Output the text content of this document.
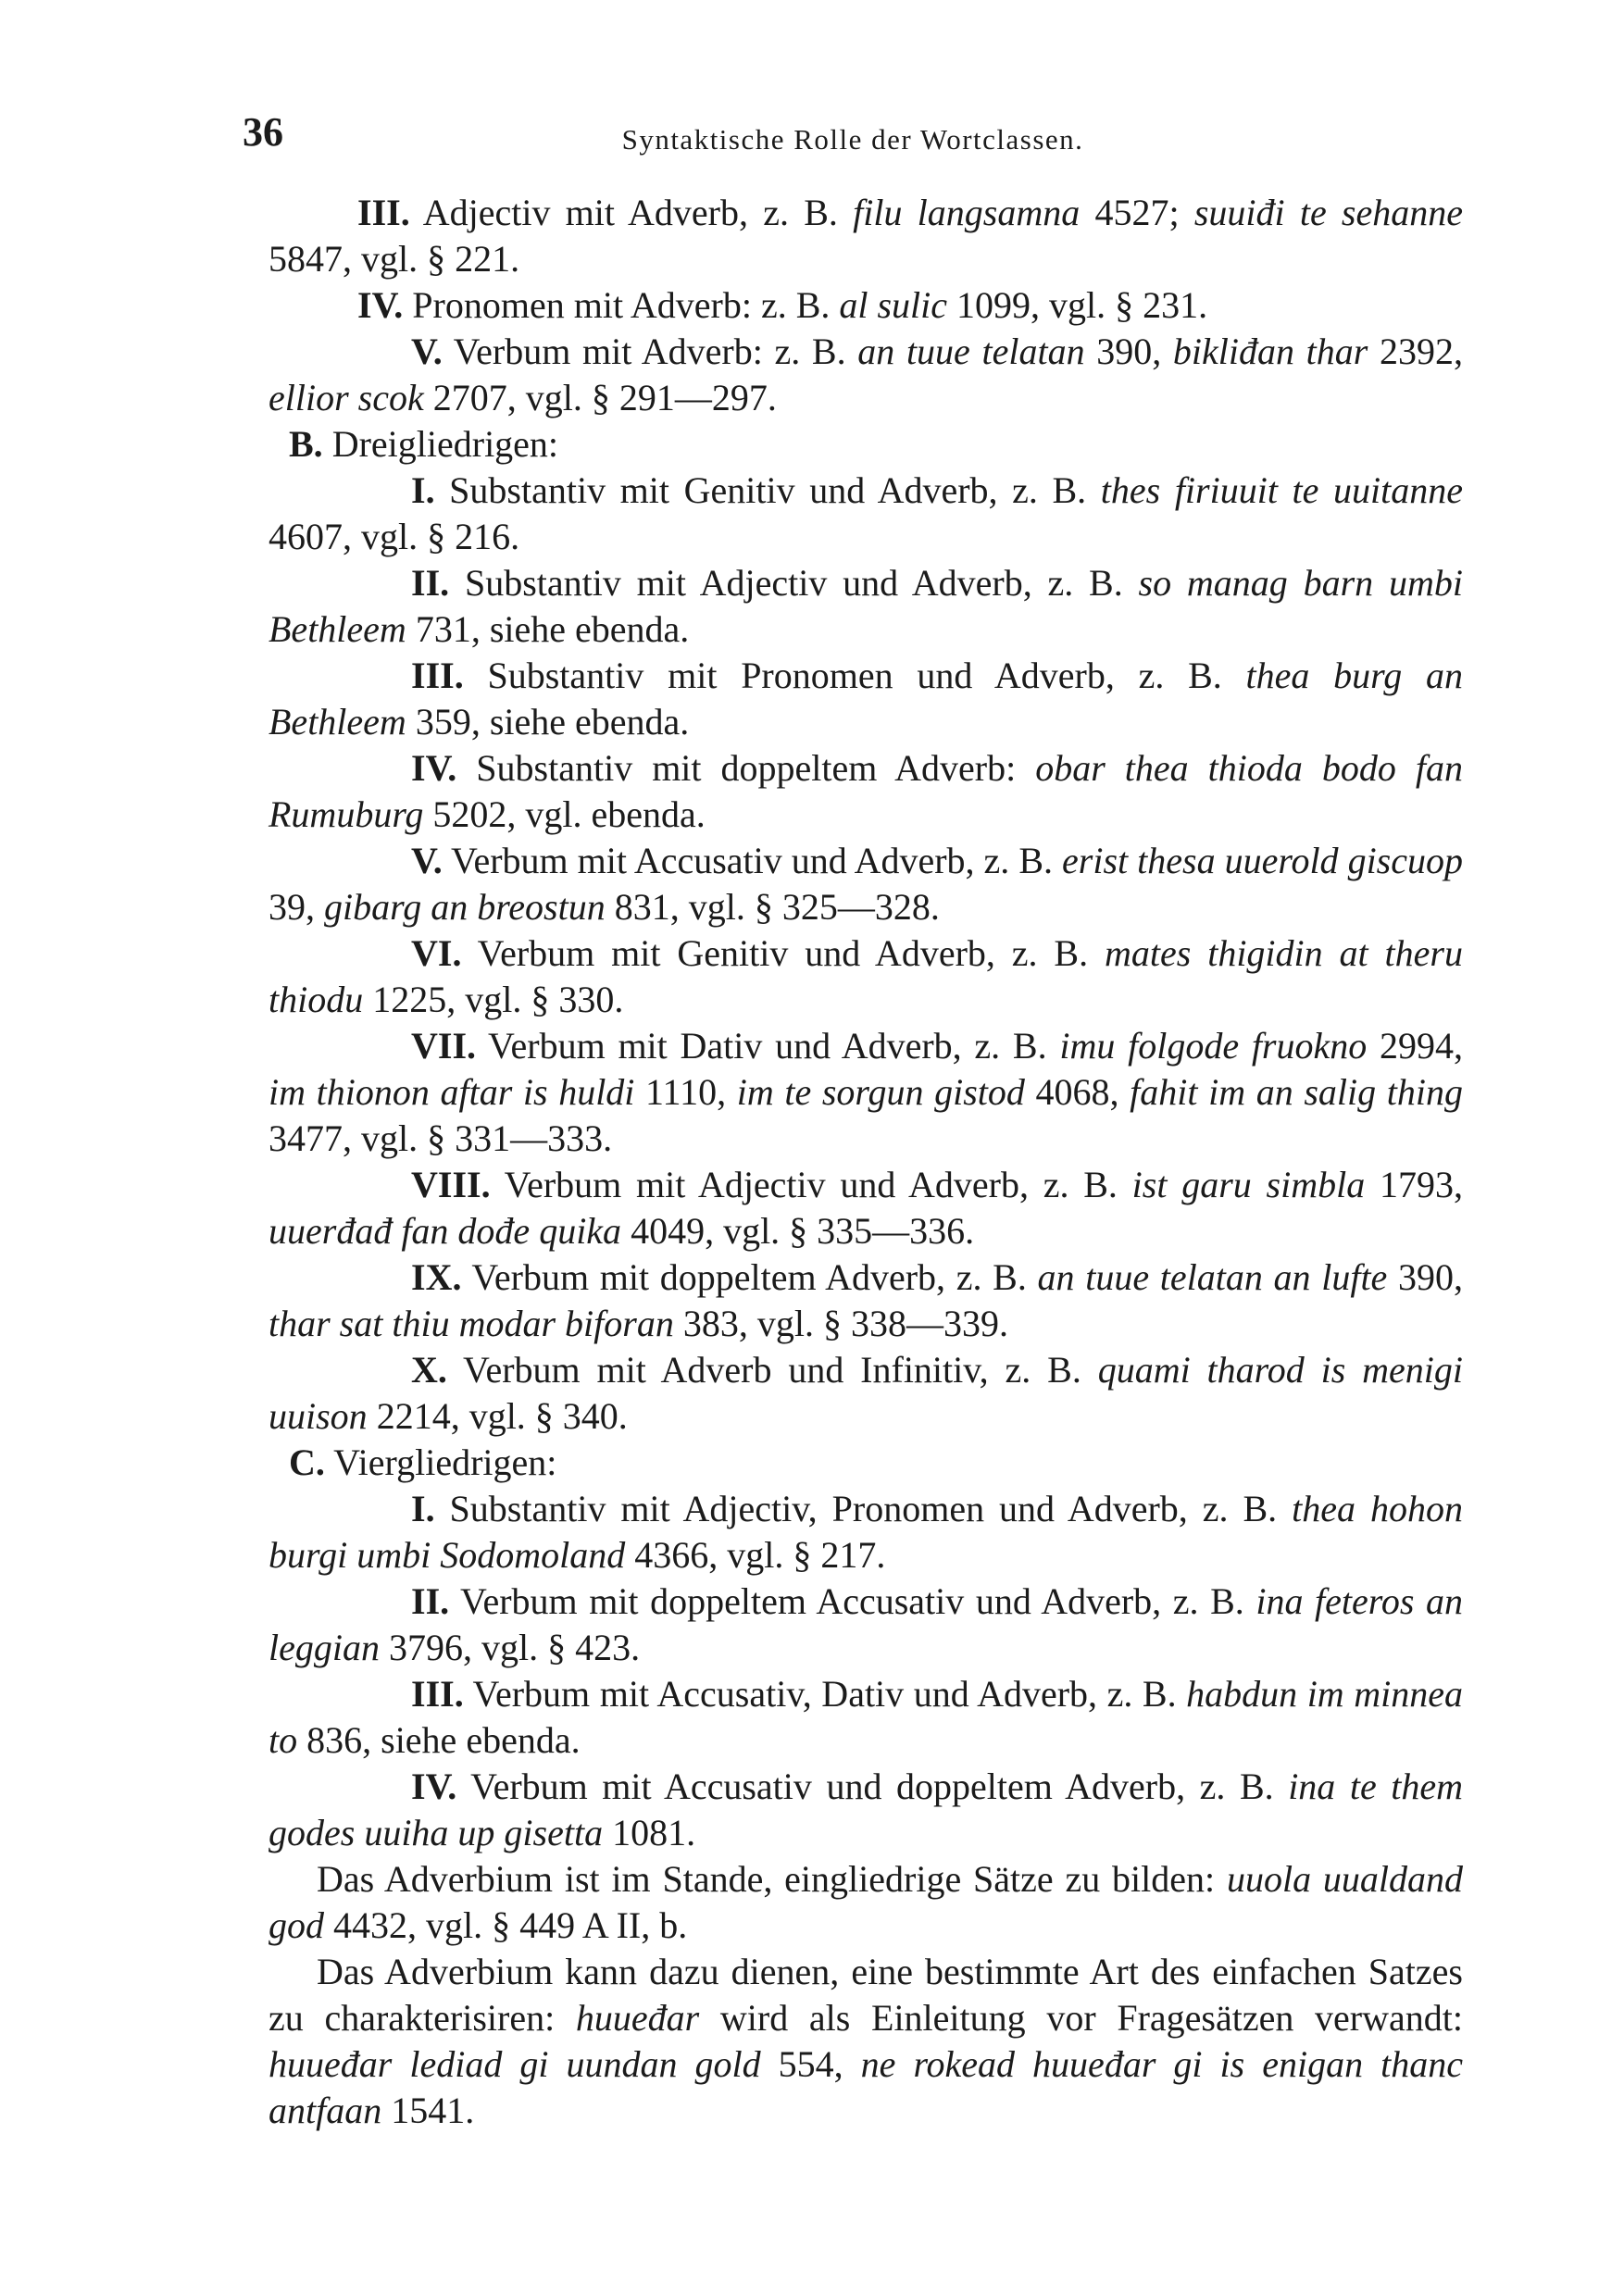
36	Syntaktische Rolle der Wortclassen.

III. Adjectiv mit Adverb, z. B. filu langsamna 4527; suuiđi te sehanne 5847, vgl. § 221.

IV. Pronomen mit Adverb: z. B. al sulic 1099, vgl. § 231.

V. Verbum mit Adverb: z. B. an tuue telatan 390, bikliđan thar 2392, ellior scok 2707, vgl. § 291—297.

B. Dreigliedrigen:

I. Substantiv mit Genitiv und Adverb, z. B. thes firiuuit te uuitanne 4607, vgl. § 216.

II. Substantiv mit Adjectiv und Adverb, z. B. so manag barn umbi Bethleem 731, siehe ebenda.

III. Substantiv mit Pronomen und Adverb, z. B. thea burg an Bethleem 359, siehe ebenda.

IV. Substantiv mit doppeltem Adverb: obar thea thioda bodo fan Rumuburg 5202, vgl. ebenda.

V. Verbum mit Accusativ und Adverb, z. B. erist thesa uuerold giscuop 39, gibarg an breostun 831, vgl. § 325—328.

VI. Verbum mit Genitiv und Adverb, z. B. mates thigidin at theru thiodu 1225, vgl. § 330.

VII. Verbum mit Dativ und Adverb, z. B. imu folgode fruokno 2994, im thionon aftar is huldi 1110, im te sorgun gistod 4068, fahit im an salig thing 3477, vgl. § 331—333.

VIII. Verbum mit Adjectiv und Adverb, z. B. ist garu simbla 1793, uuerđađ fan dođe quika 4049, vgl. § 335—336.

IX. Verbum mit doppeltem Adverb, z. B. an tuue telatan an lufte 390, thar sat thiu modar biforan 383, vgl. § 338—339.

X. Verbum mit Adverb und Infinitiv, z. B. quami tharod is menigi uuison 2214, vgl. § 340.

C. Viergliedrigen:

I. Substantiv mit Adjectiv, Pronomen und Adverb, z. B. thea hohon burgi umbi Sodomoland 4366, vgl. § 217.

II. Verbum mit doppeltem Accusativ und Adverb, z. B. ina feteros an leggian 3796, vgl. § 423.

III. Verbum mit Accusativ, Dativ und Adverb, z. B. habdun im minnea to 836, siehe ebenda.

IV. Verbum mit Accusativ und doppeltem Adverb, z. B. ina te them godes uuiha up gisetta 1081.

Das Adverbium ist im Stande, eingliedrige Sätze zu bilden: uuola uualdand god 4432, vgl. § 449 A II, b.

Das Adverbium kann dazu dienen, eine bestimmte Art des einfachen Satzes zu charakterisiren: huueđar wird als Einleitung vor Fragesätzen verwandt: huueđar lediad gi uundan gold 554, ne rokead huueđar gi is enigan thanc antfaan 1541.
